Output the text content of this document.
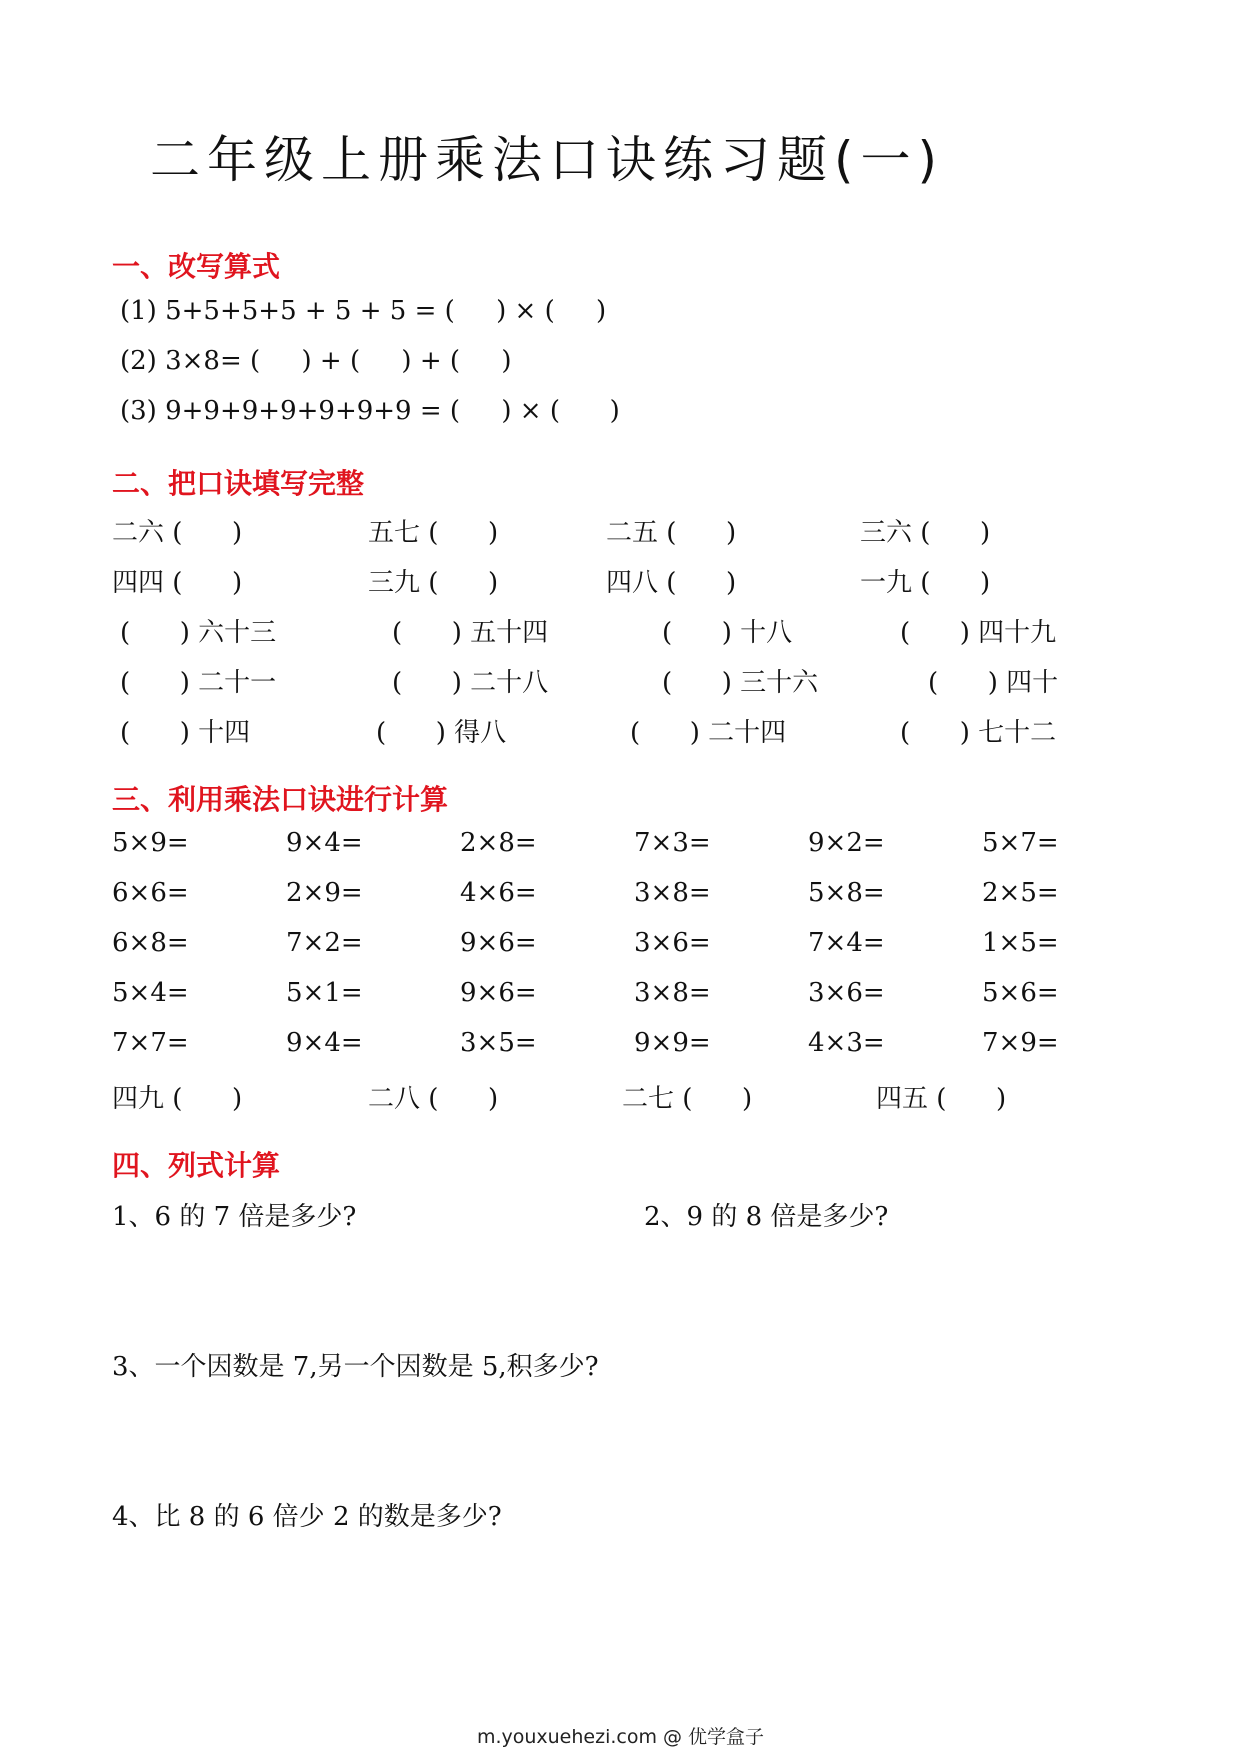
二年级上册乘法口诀练习题(一)
一、改写算式
(1) 5+5+5+5 + 5 + 5 = (     ) × (     )
(2) 3×8= (     ) + (     ) + (     )
(3) 9+9+9+9+9+9+9 = (     ) × (      )
二、把口诀填写完整
二六 (      )	五七 (      )	二五 (      )	三六 (      )
四四 (      )	三九 (      )	四八 (      )	一九 (      )
(      ) 六十三	(      ) 五十四	(      ) 十八	(      ) 四十九
(      ) 二十一	(      ) 二十八	(      ) 三十六	(      ) 四十
(      ) 十四	(      ) 得八	(      ) 二十四	(      ) 七十二
三、利用乘法口诀进行计算
5×9=	9×4=	2×8=	7×3=	9×2=	5×7=
6×6=	2×9=	4×6=	3×8=	5×8=	2×5=
6×8=	7×2=	9×6=	3×6=	7×4=	1×5=
5×4=	5×1=	9×6=	3×8=	3×6=	5×6=
7×7=	9×4=	3×5=	9×9=	4×3=	7×9=
四九 (      )	二八 (      )	二七 (      )	四五 (      )
四、列式计算
1、6 的 7 倍是多少?	2、9 的 8 倍是多少?
3、一个因数是 7,另一个因数是 5,积多少?
4、比 8 的 6 倍少 2 的数是多少?
m.youxuehezi.com @ 优学盒子
